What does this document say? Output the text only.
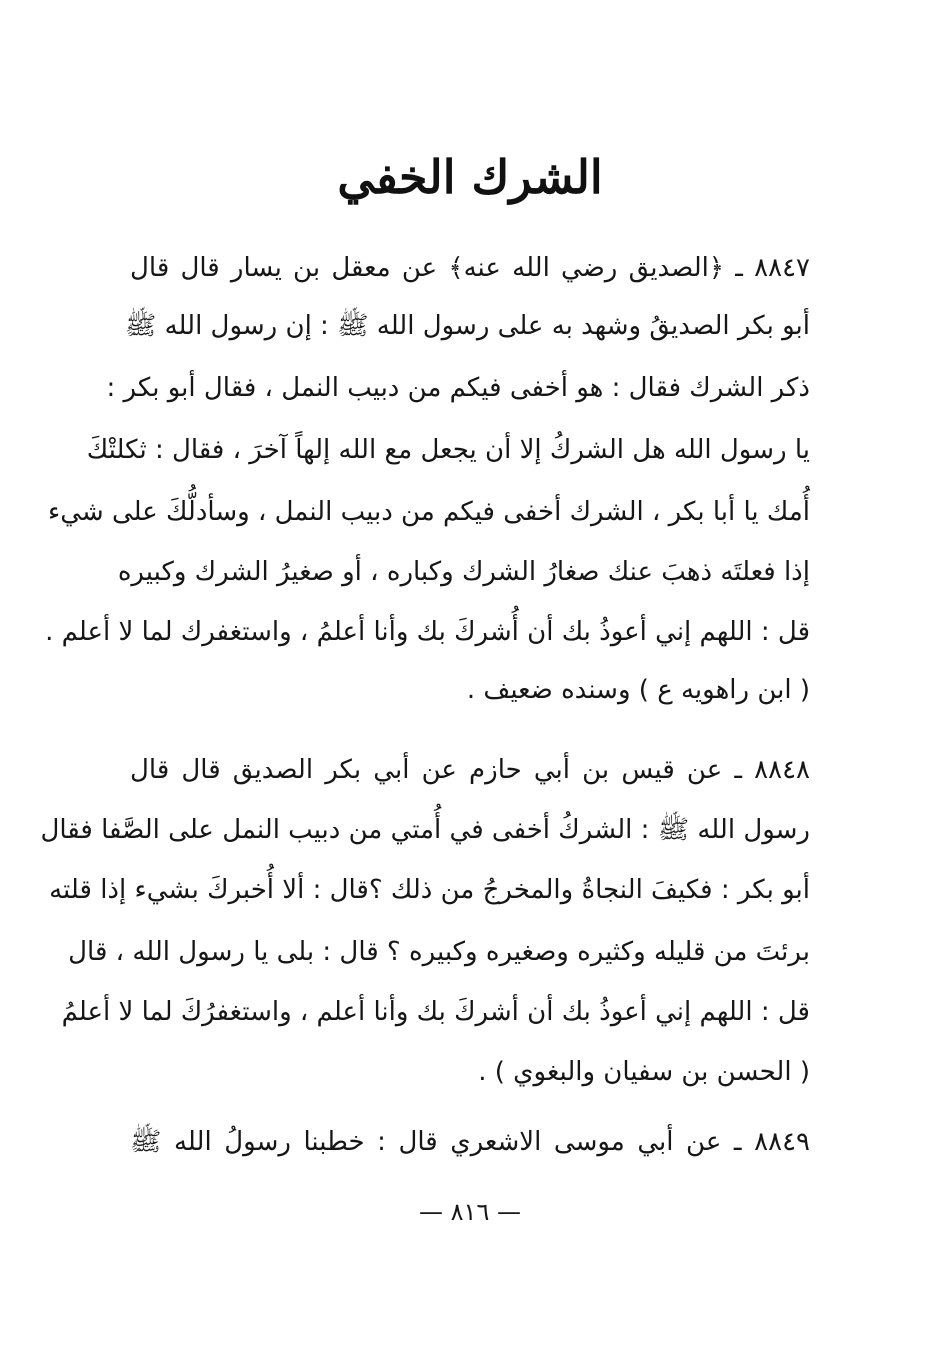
الشرك الخفي
٨٨٤٧ ـ ﴿الصديق رضي الله عنه﴾ عن معقل بن يسار قال قال
أبو بكر الصديقُ وشهد به على رسول الله ﷺ : إن رسول الله ﷺ
ذكر الشرك فقال : هو أخفى فيكم من دبيب النمل ، فقال أبو بكر :
يا رسول الله هل الشركُ إلا أن يجعل مع الله إلهاً آخرَ ، فقال : ثكلتْكَ
أُمك يا أبا بكر ، الشرك أخفى فيكم من دبيب النمل ، وسأدلُّكَ على شيء
إذا فعلتَه ذهبَ عنك صغارُ الشرك وكباره ، أو صغيرُ الشرك وكبيره
قل : اللهم إني أعوذُ بك أن أُشركَ بك وأنا أعلمُ ، واستغفرك لما لا أعلم .
( ابن راهويه ع ) وسنده ضعيف .
٨٨٤٨ ـ عن قيس بن أبي حازم عن أبي بكر الصديق قال قال
رسول الله ﷺ : الشركُ أخفى في أُمتي من دبيب النمل على الصَّفا فقال
أبو بكر : فكيفَ النجاةُ والمخرجُ من ذلك ؟قال : ألا أُخبركَ بشيء إذا قلته
برئتَ من قليله وكثيره وصغيره وكبيره ؟ قال : بلى يا رسول الله ، قال
قل : اللهم إني أعوذُ بك أن أشركَ بك وأنا أعلم ، واستغفرُكَ لما لا أعلمُ
( الحسن بن سفيان والبغوي ) .
٨٨٤٩ ـ عن أبي موسى الاشعري قال : خطبنا رسولُ الله ﷺ
— ٨١٦ —
